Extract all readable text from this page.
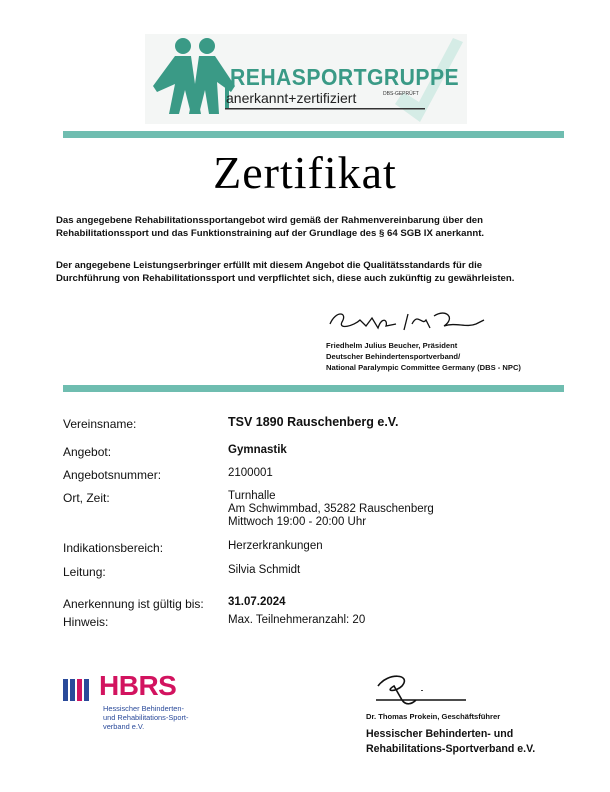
REHASPORTGRUPPE
anerkannt+zertifiziert	DBS-GEPRÜFT
Zertifikat
Das angegebene Rehabilitationssportangebot wird gemäß der Rahmenvereinbarung über den Rehabilitationssport und das Funktionstraining auf der Grundlage des § 64 SGB IX anerkannt.
Der angegebene Leistungserbringer erfüllt mit diesem Angebot die Qualitätsstandards für die Durchführung von Rehabilitationssport und verpflichtet sich, diese auch zukünftig zu gewährleisten.
Friedhelm Julius Beucher, Präsident
Deutscher Behindertensportverband/
National Paralympic Committee Germany (DBS - NPC)
Vereinsname:	TSV 1890 Rauschenberg e.V.
Angebot:	Gymnastik
Angebotsnummer:	2100001
Ort, Zeit:	Turnhalle
Am Schwimmbad, 35282 Rauschenberg
Mittwoch 19:00 - 20:00 Uhr
Indikationsbereich:	Herzerkrankungen
Leitung:	Silvia Schmidt
Anerkennung ist gültig bis: 31.07.2024
Hinweis:	Max. Teilnehmeranzahl: 20
HBRS
Hessischer Behinderten-
und Rehabilitations-Sport-
verband e.V.
Dr. Thomas Prokein, Geschäftsführer
Hessischer Behinderten- und
Rehabilitations-Sportverband e.V.
